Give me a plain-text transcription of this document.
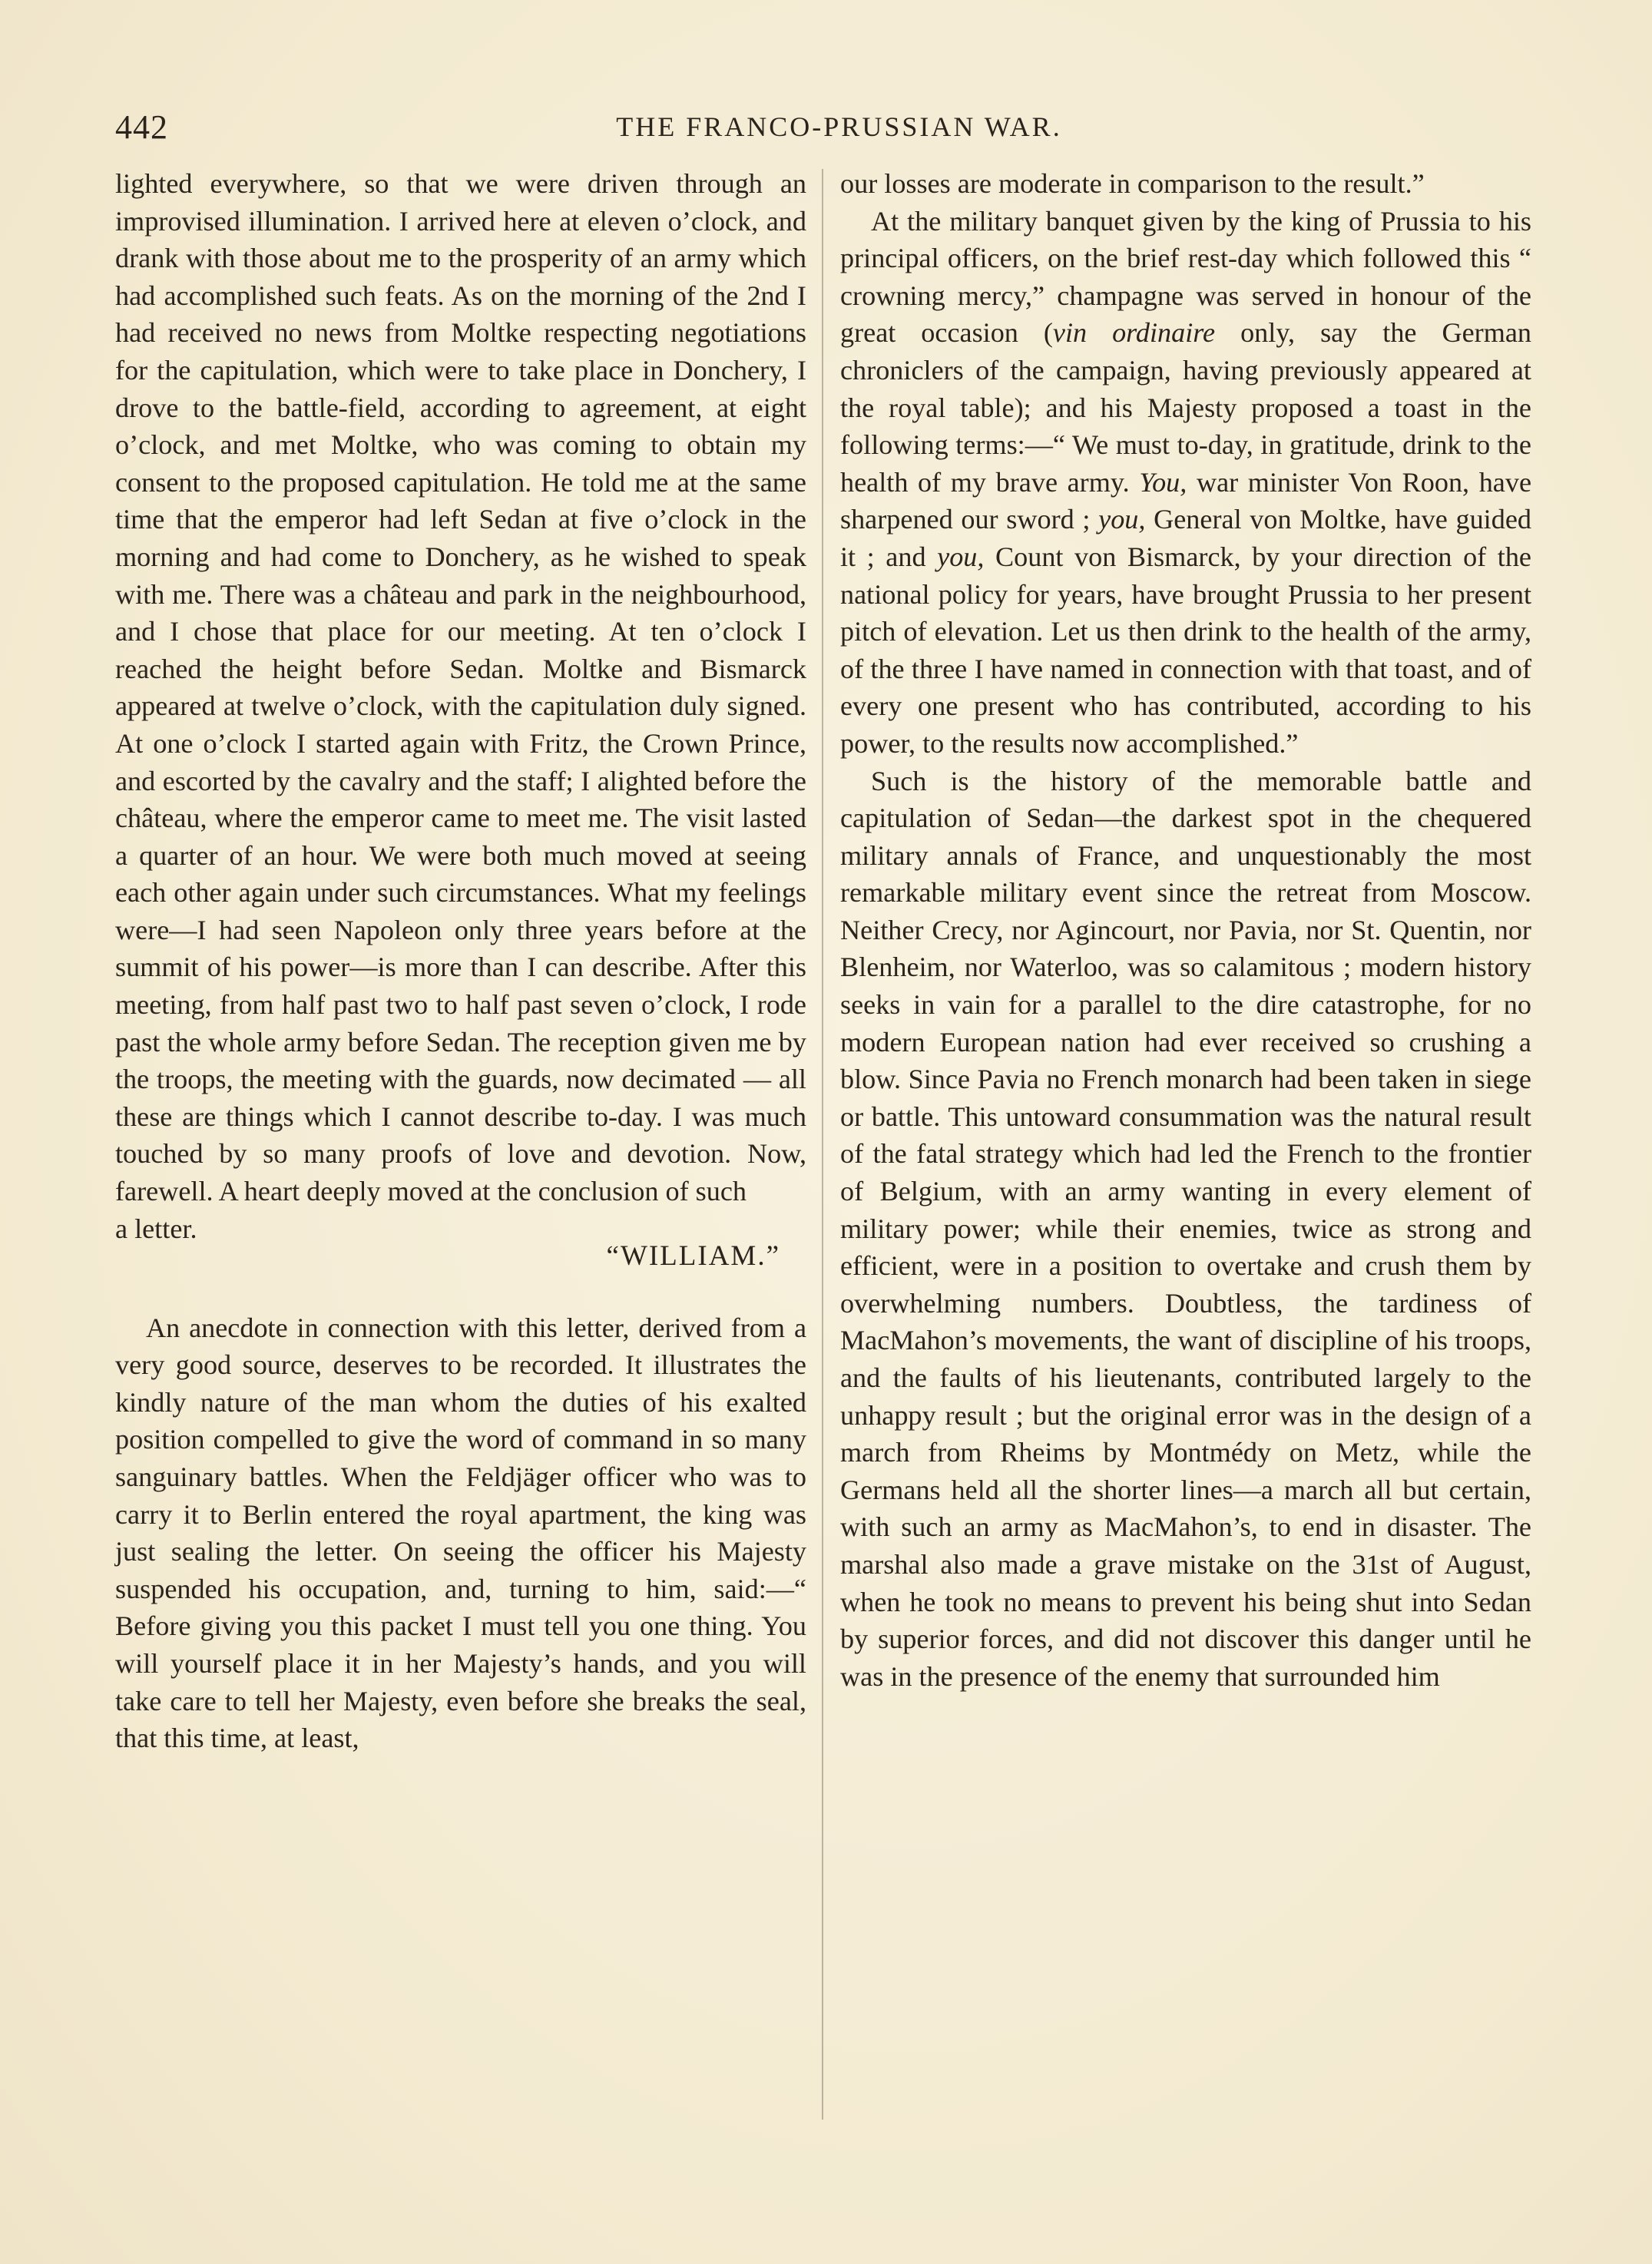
442	THE FRANCO-PRUSSIAN WAR.

lighted everywhere, so that we were driven through an improvised illumination. I arrived here at eleven o’clock, and drank with those about me to the prosperity of an army which had accomplished such feats. As on the morning of the 2nd I had received no news from Moltke respecting negotiations for the capitulation, which were to take place in Donchery, I drove to the battle-field, according to agreement, at eight o’clock, and met Moltke, who was coming to obtain my consent to the proposed capitulation. He told me at the same time that the emperor had left Sedan at five o’clock in the morning and had come to Donchery, as he wished to speak with me. There was a château and park in the neighbourhood, and I chose that place for our meeting. At ten o’clock I reached the height before Sedan. Moltke and Bismarck appeared at twelve o’clock, with the capitulation duly signed. At one o’clock I started again with Fritz, the Crown Prince, and escorted by the cavalry and the staff; I alighted before the château, where the emperor came to meet me. The visit lasted a quarter of an hour. We were both much moved at seeing each other again under such circumstances. What my feelings were—I had seen Napoleon only three years before at the summit of his power—is more than I can describe. After this meeting, from half past two to half past seven o’clock, I rode past the whole army before Sedan. The reception given me by the troops, the meeting with the guards, now decimated — all these are things which I cannot describe to-day. I was much touched by so many proofs of love and devotion. Now, farewell. A heart deeply moved at the conclusion of such

a letter.
“WILLIAM.”

An anecdote in connection with this letter, derived from a very good source, deserves to be recorded. It illustrates the kindly nature of the man whom the duties of his exalted position compelled to give the word of command in so many sanguinary battles. When the Feldjäger officer who was to carry it to Berlin entered the royal apartment, the king was just sealing the letter. On seeing the officer his Majesty suspended his occupation, and, turning to him, said:—“ Before giving you this packet I must tell you one thing. You will yourself place it in her Majesty’s hands, and you will take care to tell her Majesty, even before she breaks the seal, that this time, at least,

our losses are moderate in comparison to the result.”

At the military banquet given by the king of Prussia to his principal officers, on the brief rest-day which followed this “ crowning mercy,” champagne was served in honour of the great occasion (vin ordinaire only, say the German chroniclers of the campaign, having previously appeared at the royal table); and his Majesty proposed a toast in the following terms:—“ We must to-day, in gratitude, drink to the health of my brave army. You, war minister Von Roon, have sharpened our sword ; you, General von Moltke, have guided it ; and you, Count von Bismarck, by your direction of the national policy for years, have brought Prussia to her present pitch of elevation. Let us then drink to the health of the army, of the three I have named in connection with that toast, and of every one present who has contributed, according to his power, to the results now accomplished.”

Such is the history of the memorable battle and capitulation of Sedan—the darkest spot in the chequered military annals of France, and unquestionably the most remarkable military event since the retreat from Moscow. Neither Crecy, nor Agincourt, nor Pavia, nor St. Quentin, nor Blenheim, nor Waterloo, was so calamitous ; modern history seeks in vain for a parallel to the dire catastrophe, for no modern European nation had ever received so crushing a blow. Since Pavia no French monarch had been taken in siege or battle. This untoward consummation was the natural result of the fatal strategy which had led the French to the frontier of Belgium, with an army wanting in every element of military power; while their enemies, twice as strong and efficient, were in a position to overtake and crush them by overwhelming numbers. Doubtless, the tardiness of MacMahon’s movements, the want of discipline of his troops, and the faults of his lieutenants, contributed largely to the unhappy result ; but the original error was in the design of a march from Rheims by Montmédy on Metz, while the Germans held all the shorter lines—a march all but certain, with such an army as MacMahon’s, to end in disaster. The marshal also made a grave mistake on the 31st of August, when he took no means to prevent his being shut into Sedan by superior forces, and did not discover this danger until he was in the presence of the enemy that surrounded him
